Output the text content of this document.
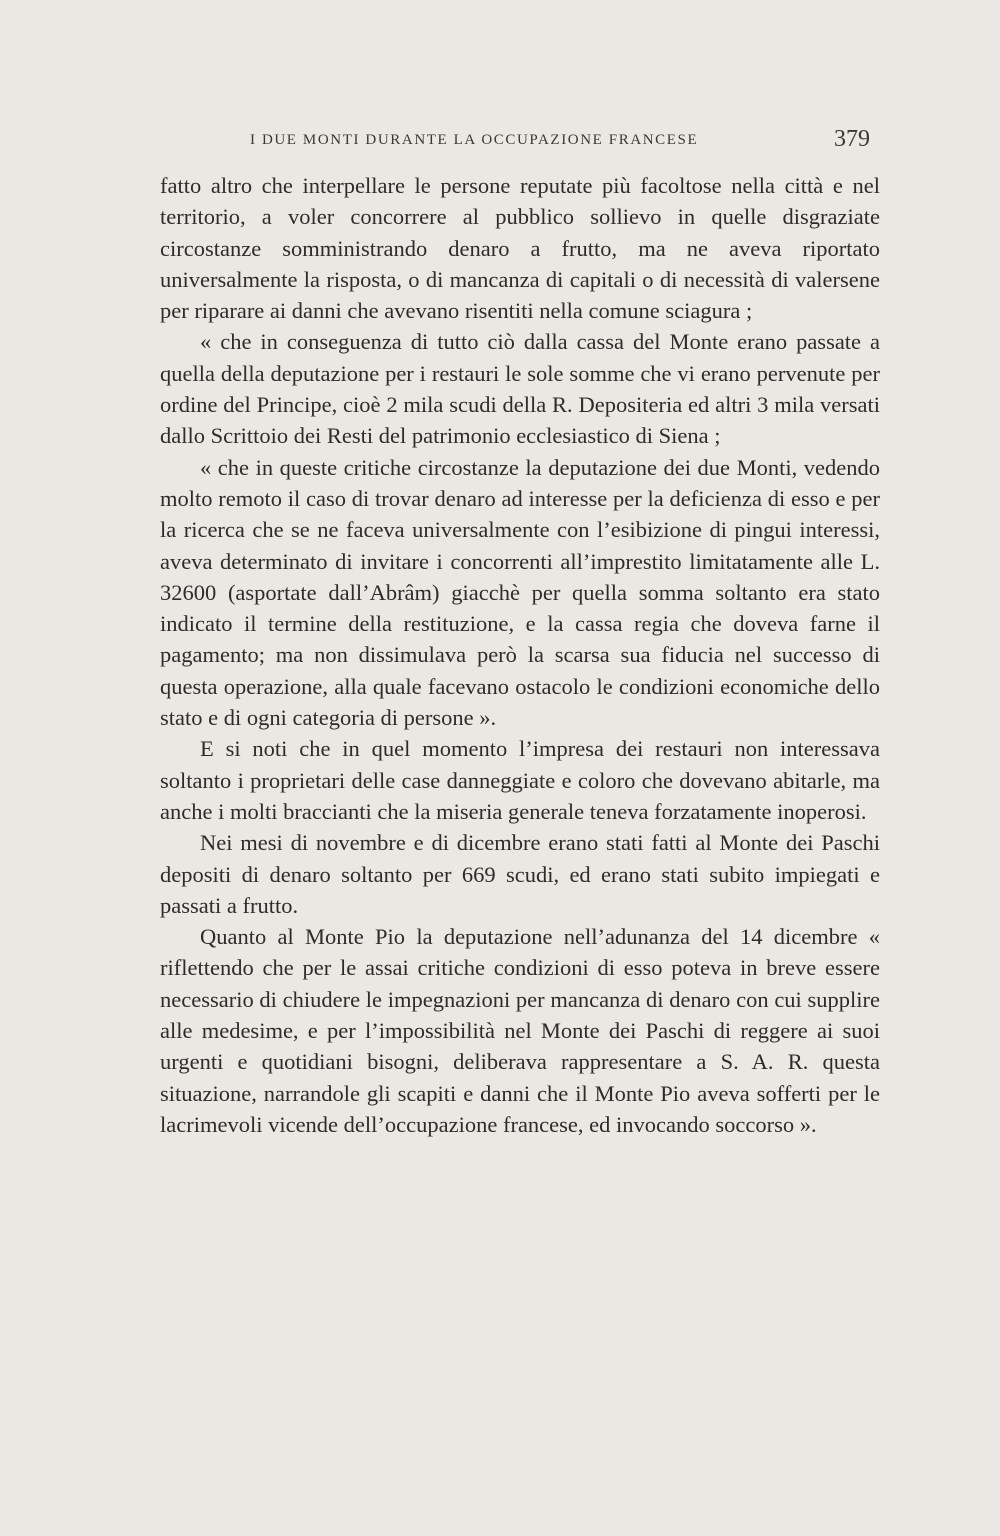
I DUE MONTI DURANTE LA OCCUPAZIONE FRANCESE	379

fatto altro che interpellare le persone reputate più facoltose nella città e nel territorio, a voler concorrere al pubblico sollievo in quelle disgraziate circostanze somministrando denaro a frutto, ma ne aveva riportato universalmente la risposta, o di mancanza di capitali o di necessità di valersene per riparare ai danni che avevano risentiti nella comune sciagura ;

« che in conseguenza di tutto ciò dalla cassa del Monte erano passate a quella della deputazione per i restauri le sole somme che vi erano pervenute per ordine del Principe, cioè 2 mila scudi della R. Depositeria ed altri 3 mila versati dallo Scrittoio dei Resti del patrimonio ecclesiastico di Siena ;

« che in queste critiche circostanze la deputazione dei due Monti, vedendo molto remoto il caso di trovar denaro ad interesse per la deficienza di esso e per la ricerca che se ne faceva universalmente con l’esibizione di pingui interessi, aveva determinato di invitare i concorrenti all’imprestito limitatamente alle L. 32600 (asportate dall’Abrâm) giacchè per quella somma soltanto era stato indicato il termine della restituzione, e la cassa regia che doveva farne il pagamento; ma non dissimulava però la scarsa sua fiducia nel successo di questa operazione, alla quale facevano ostacolo le condizioni economiche dello stato e di ogni categoria di persone ».

E si noti che in quel momento l’impresa dei restauri non interessava soltanto i proprietari delle case danneggiate e coloro che dovevano abitarle, ma anche i molti braccianti che la miseria generale teneva forzatamente inoperosi.

Nei mesi di novembre e di dicembre erano stati fatti al Monte dei Paschi depositi di denaro soltanto per 669 scudi, ed erano stati subito impiegati e passati a frutto.

Quanto al Monte Pio la deputazione nell’adunanza del 14 dicembre « riflettendo che per le assai critiche condizioni di esso poteva in breve essere necessario di chiudere le impegnazioni per mancanza di denaro con cui supplire alle medesime, e per l’impossibilità nel Monte dei Paschi di reggere ai suoi urgenti e quotidiani bisogni, deliberava rappresentare a S. A. R. questa situazione, narrandole gli scapiti e danni che il Monte Pio aveva sofferti per le lacrimevoli vicende dell’occupazione francese, ed invocando soccorso ».
